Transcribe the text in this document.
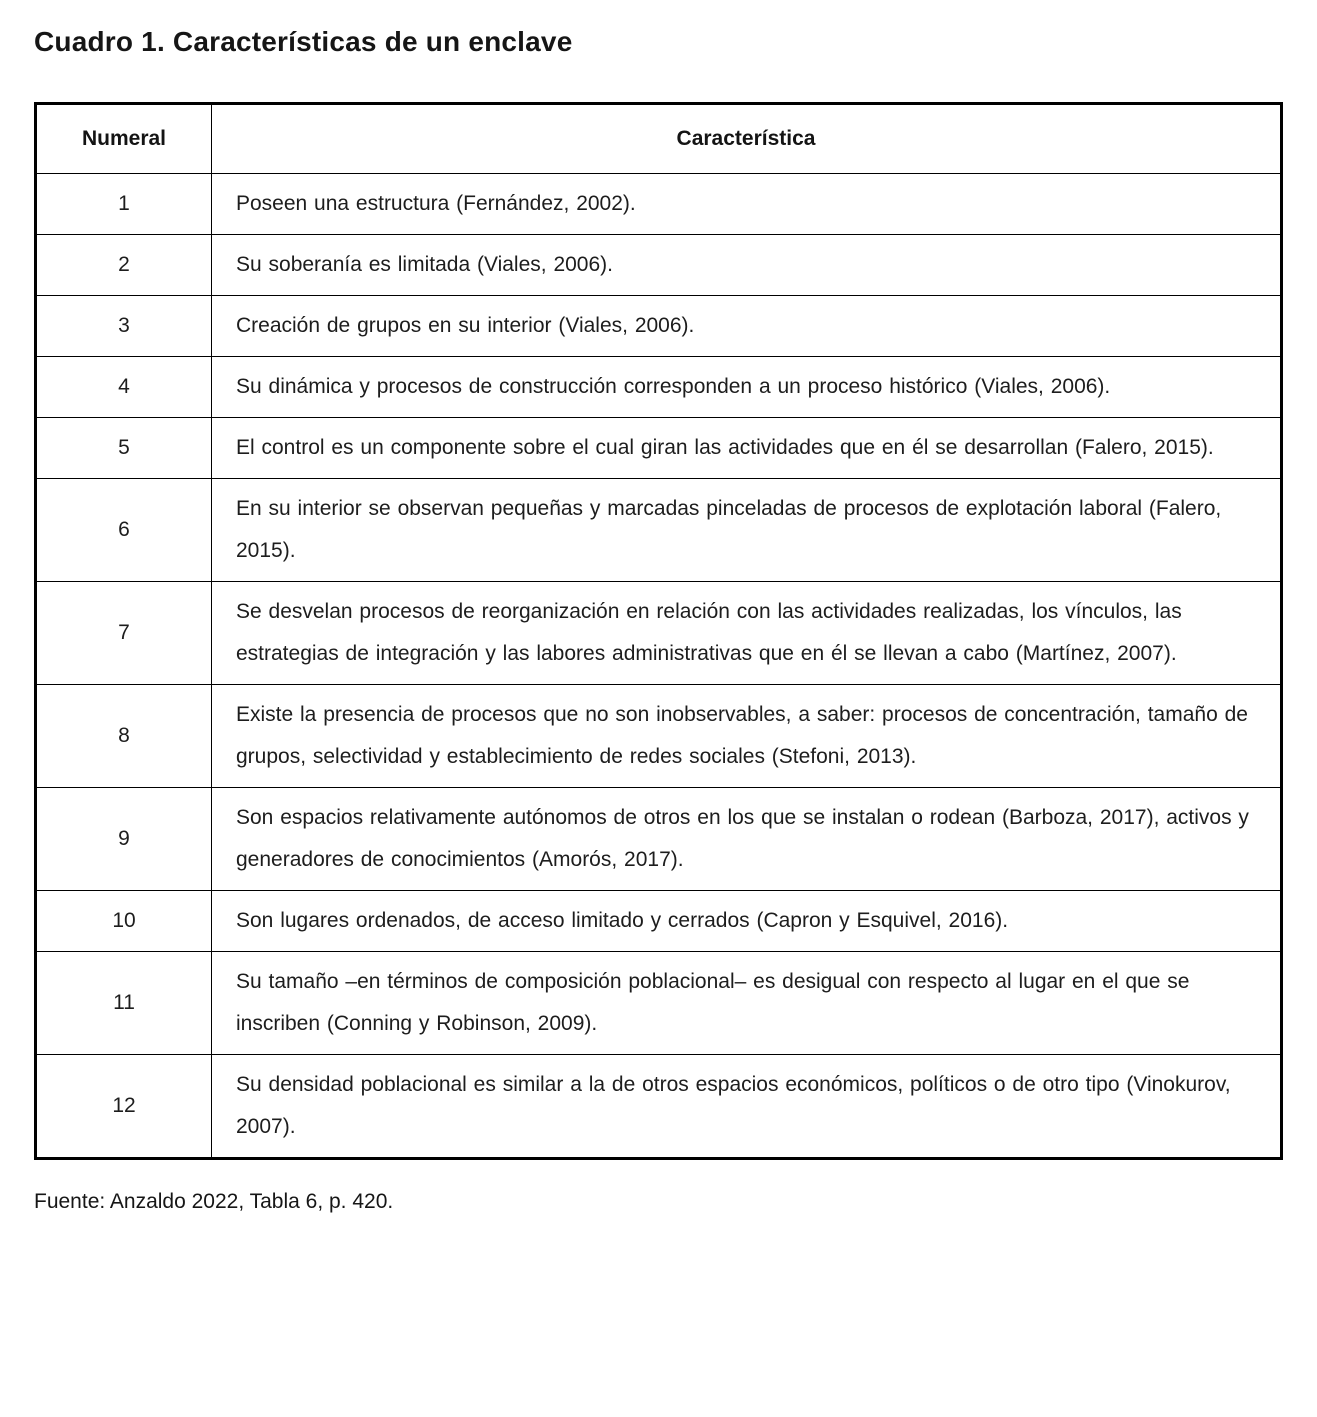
Cuadro 1. Características de un enclave
Numeral	Característica
1	Poseen una estructura (Fernández, 2002).
2	Su soberanía es limitada (Viales, 2006).
3	Creación de grupos en su interior (Viales, 2006).
4	Su dinámica y procesos de construcción corresponden a un proceso histórico (Viales, 2006).
5	El control es un componente sobre el cual giran las actividades que en él se desarrollan (Falero, 2015).
6	En su interior se observan pequeñas y marcadas pinceladas de procesos de explotación laboral (Falero, 2015).
7	Se desvelan procesos de reorganización en relación con las actividades realizadas, los vínculos, las estrategias de integración y las labores administrativas que en él se llevan a cabo (Martínez, 2007).
8	Existe la presencia de procesos que no son inobservables, a saber: procesos de concentración, tamaño de grupos, selectividad y establecimiento de redes sociales (Stefoni, 2013).
9	Son espacios relativamente autónomos de otros en los que se instalan o rodean (Barboza, 2017), activos y generadores de conocimientos (Amorós, 2017).
10	Son lugares ordenados, de acceso limitado y cerrados (Capron y Esquivel, 2016).
11	Su tamaño –en términos de composición poblacional– es desigual con respecto al lugar en el que se inscriben (Conning y Robinson, 2009).
12	Su densidad poblacional es similar a la de otros espacios económicos, políticos o de otro tipo (Vinokurov, 2007).

Fuente: Anzaldo 2022, Tabla 6, p. 420.
